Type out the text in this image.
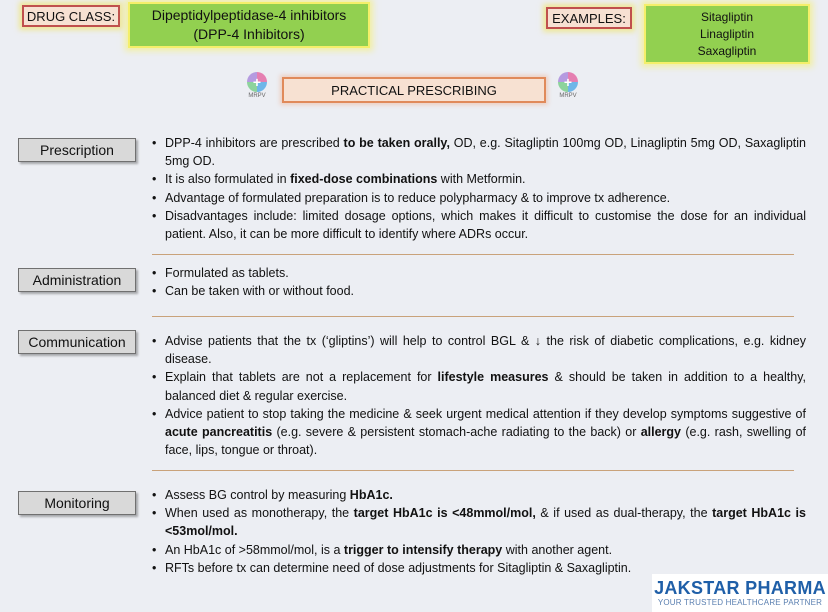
DRUG CLASS:	Dipeptidylpeptidase-4 inhibitors
(DPP-4 Inhibitors)
EXAMPLES:	Sitagliptin
Linagliptin
Saxagliptin
+
MRPV	PRACTICAL PRESCRIBING	+
MRPV
Prescription	• DPP-4 inhibitors are prescribed to be taken orally, OD, e.g. Sitagliptin 100mg OD, Linagliptin 5mg OD, Saxagliptin 5mg OD.
• It is also formulated in fixed-dose combinations with Metformin.
• Advantage of formulated preparation is to reduce polypharmacy & to improve tx adherence.
• Disadvantages include: limited dosage options, which makes it difficult to customise the dose for an individual patient. Also, it can be more difficult to identify where ADRs occur.
Administration	• Formulated as tablets.
• Can be taken with or without food.
Communication	• Advise patients that the tx (‘gliptins’) will help to control BGL & ↓ the risk of diabetic complications, e.g. kidney disease.
• Explain that tablets are not a replacement for lifestyle measures & should be taken in addition to a healthy, balanced diet & regular exercise.
• Advice patient to stop taking the medicine & seek urgent medical attention if they develop symptoms suggestive of acute pancreatitis (e.g. severe & persistent stomach-ache radiating to the back) or allergy (e.g. rash, swelling of face, lips, tongue or throat).
Monitoring	• Assess BG control by measuring HbA1c.
• When used as monotherapy, the target HbA1c is <48mmol/mol, & if used as dual-therapy, the target HbA1c is <53mol/mol.
• An HbA1c of >58mmol/mol, is a trigger to intensify therapy with another agent.
• RFTs before tx can determine need of dose adjustments for Sitagliptin & Saxagliptin.
JAKSTAR PHARMA
YOUR TRUSTED HEALTHCARE PARTNER
